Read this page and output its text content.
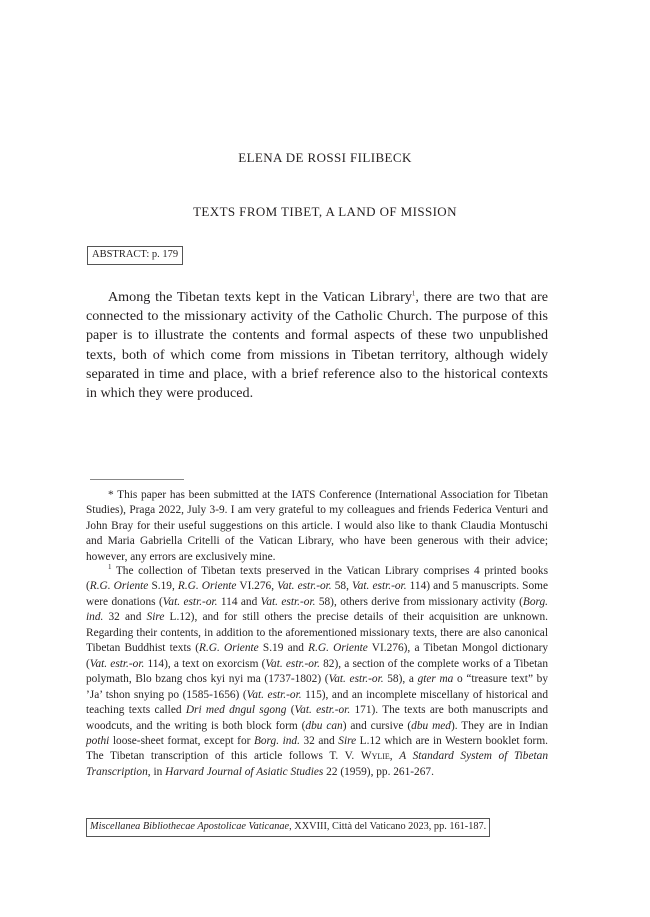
ELENA DE ROSSI FILIBECK
TEXTS FROM TIBET, A LAND OF MISSION
ABSTRACT: p. 179

Among the Tibetan texts kept in the Vatican Library$^1$, there are two that are connected to the missionary activity of the Catholic Church. The purpose of this paper is to illustrate the contents and formal aspects of these two unpublished texts, both of which come from missions in Tibetan territory, although widely separated in time and place, with a brief reference also to the historical contexts in which they were produced.

* This paper has been submitted at the IATS Conference (International Association for Tibetan Studies), Praga 2022, July 3-9. I am very grateful to my colleagues and friends Federica Venturi and John Bray for their useful suggestions on this article. I would also like to thank Claudia Montuschi and Maria Gabriella Critelli of the Vatican Library, who have been generous with their advice; however, any errors are exclusively mine.

$^1$ The collection of Tibetan texts preserved in the Vatican Library comprises 4 printed books (R.G. Oriente S.19, R.G. Oriente VI.276, Vat. estr.-or. 58, Vat. estr.-or. 114) and 5 manuscripts. Some were donations (Vat. estr.-or. 114 and Vat. estr.-or. 58), others derive from missionary activity (Borg. ind. 32 and Sire L.12), and for still others the precise details of their acquisition are unknown. Regarding their contents, in addition to the aforementioned missionary texts, there are also canonical Tibetan Buddhist texts (R.G. Oriente S.19 and R.G. Oriente VI.276), a Tibetan Mongol dictionary (Vat. estr.-or. 114), a text on exorcism (Vat. estr.-or. 82), a section of the complete works of a Tibetan polymath, Blo bzang chos kyi nyi ma (1737-1802) (Vat. estr.-or. 58), a gter ma o “treasure text” by ’Ja’ tshon snying po (1585-1656) (Vat. estr.-or. 115), and an incomplete miscellany of historical and teaching texts called Dri med dngul sgong (Vat. estr.-or. 171). The texts are both manuscripts and woodcuts, and the writing is both block form (dbu can) and cursive (dbu med). They are in Indian pothi loose-sheet format, except for Borg. ind. 32 and Sire L.12 which are in Western booklet form. The Tibetan transcription of this article follows T. V. Wylie, A Standard System of Tibetan Transcription, in Harvard Journal of Asiatic Studies 22 (1959), pp. 261-267.

Miscellanea Bibliothecae Apostolicae Vaticanae, XXVIII, Città del Vaticano 2023, pp. 161-187.
